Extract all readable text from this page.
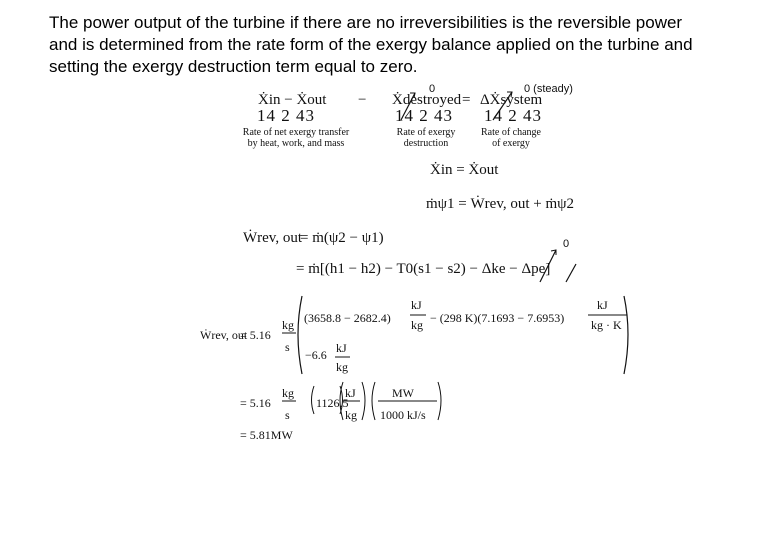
The power output of the turbine if there are no irreversibilities is the reversible power
and is determined from the rate form of the exergy balance applied on the turbine and
setting the exergy destruction term equal to zero.
0	0 (steady)
Ẋin − Ẋout − Ẋdestroyed = ΔẊsystem
14 2 43	14 2 43 14 2 43
Rate of net exergy transfer
by heat, work, and mass
Rate of exergy
destruction
Rate of change
of exergy
Ẋin = Ẋout
ṁψ1 = Ẇrev, out + ṁψ2
Ẇrev, out
= ṁ(ψ2 − ψ1)	0
= ṁ[(h1 − h2) − T0(s1 − s2) − Δke − Δpe]
Ẇrev, out
= 5.16
kg
s
(3658.8 − 2682.4)
kJ
kg − (298 K)(7.1693 − 7.6953)
kJ
kg · K
−6.6 kJ
kg
= 5.16
kg
s
1126.5
kJ
kg
MW
1000 kJ/s
= 5.81MW
